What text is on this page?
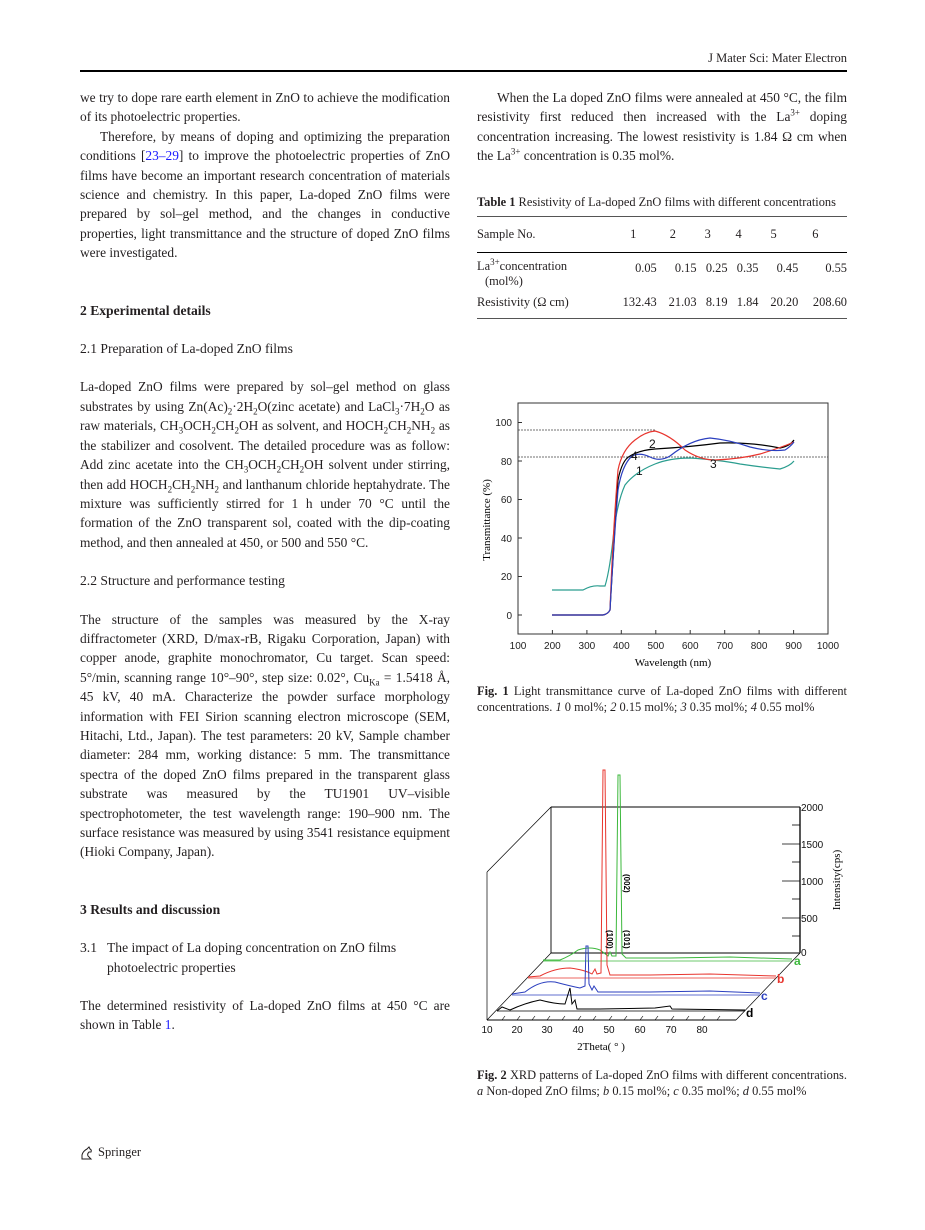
J Mater Sci: Mater Electron

we try to dope rare earth element in ZnO to achieve the modification of its photoelectric properties.

Therefore, by means of doping and optimizing the preparation conditions [23–29] to improve the photoelectric properties of ZnO films have become an important research concentration of materials science and chemistry. In this paper, La-doped ZnO films were prepared by sol–gel method, and the changes in conductive properties, light transmittance and the structure of doped ZnO films were investigated.

2 Experimental details
2.1 Preparation of La-doped ZnO films

La-doped ZnO films were prepared by sol–gel method on glass substrates by using $Zn(Ac)_2\cdot 2H_2O(zinc$ acetate) and $LaCl_3\cdot 7H_2O$ as raw materials, $CH_3OCH_2CH_2OH$ as solvent, and $HOCH_2CH_2NH_2$ as the stabilizer and cosolvent. The detailed procedure was as follow: Add zinc acetate into the $CH_3OCH_2CH_2OH$ solvent under stirring, then add $HOCH_2CH_2NH_2$ and lanthanum chloride heptahydrate. The mixture was sufficiently stirred for 1 h under 70 °C until the formation of the ZnO transparent sol, coated with the dip-coating method, and then annealed at 450, or 500 and 550 °C.

2.2 Structure and performance testing

The structure of the samples was measured by the X-ray diffractometer (XRD, D/max-rB, Rigaku Corporation, Japan) with copper anode, graphite monochromator, Cu target. Scan speed: 5°/min, scanning range 10°–90°, step size: 0.02°, $Cu_{Ka} = 1.5418$ Å, 45 kV, 40 mA. Characterize the powder surface morphology information with FEI Sirion scanning electron microscope (SEM, Hitachi, Ltd., Japan). The test parameters: 20 kV, Sample chamber diameter: 284 mm, working distance: 5 mm. The transmittance spectra of the doped ZnO films prepared in the transparent glass substrate was measured by the TU1901 UV–visible spectrophotometer, the test wavelength range: 190–900 nm. The surface resistance was measured by using 3541 resistance equipment (Hioki Company, Japan).

3 Results and discussion
3.1 The impact of La doping concentration on ZnO films photoelectric properties

The determined resistivity of La-doped ZnO films at 450 °C are shown in Table 1.

When the La doped ZnO films were annealed at 450 °C, the film resistivity first reduced then increased with the $La^{3+}$ doping concentration increasing. The lowest resistivity is 1.84 Ω cm when the $La^{3+}$ concentration is 0.35 mol%.

Table 1 Resistivity of La-doped ZnO films with different concentrations
Sample No.	1	2	3	4	5	6
$La^{3+}concentration$
(mol%)	0.05	0.15	0.25	0.35	0.45	0.55
Resistivity (Ω cm)	132.43	21.03	8.19	1.84	20.20	208.60
0
20
40
60
80
100
100 200 300 400 500 600 700 800 900 1000
Wavelength (nm)
Transmittance (%)
1
2
3
4
Fig. 1 Light transmittance curve of La-doped ZnO films with different concentrations. 1 0 mol%; 2 0.15 mol%; 3 0.35 mol%; 4 0.55 mol%
2000
1500
1000
500
0
Intensity(cps)
10 20 30 40 50 60 70 80
2Theta( ° )
a
b
c
d
(100)
(002)
(101)
Fig. 2 XRD patterns of La-doped ZnO films with different concentrations. a Non-doped ZnO films; b 0.15 mol%; c 0.35 mol%; d 0.55 mol%
Springer
